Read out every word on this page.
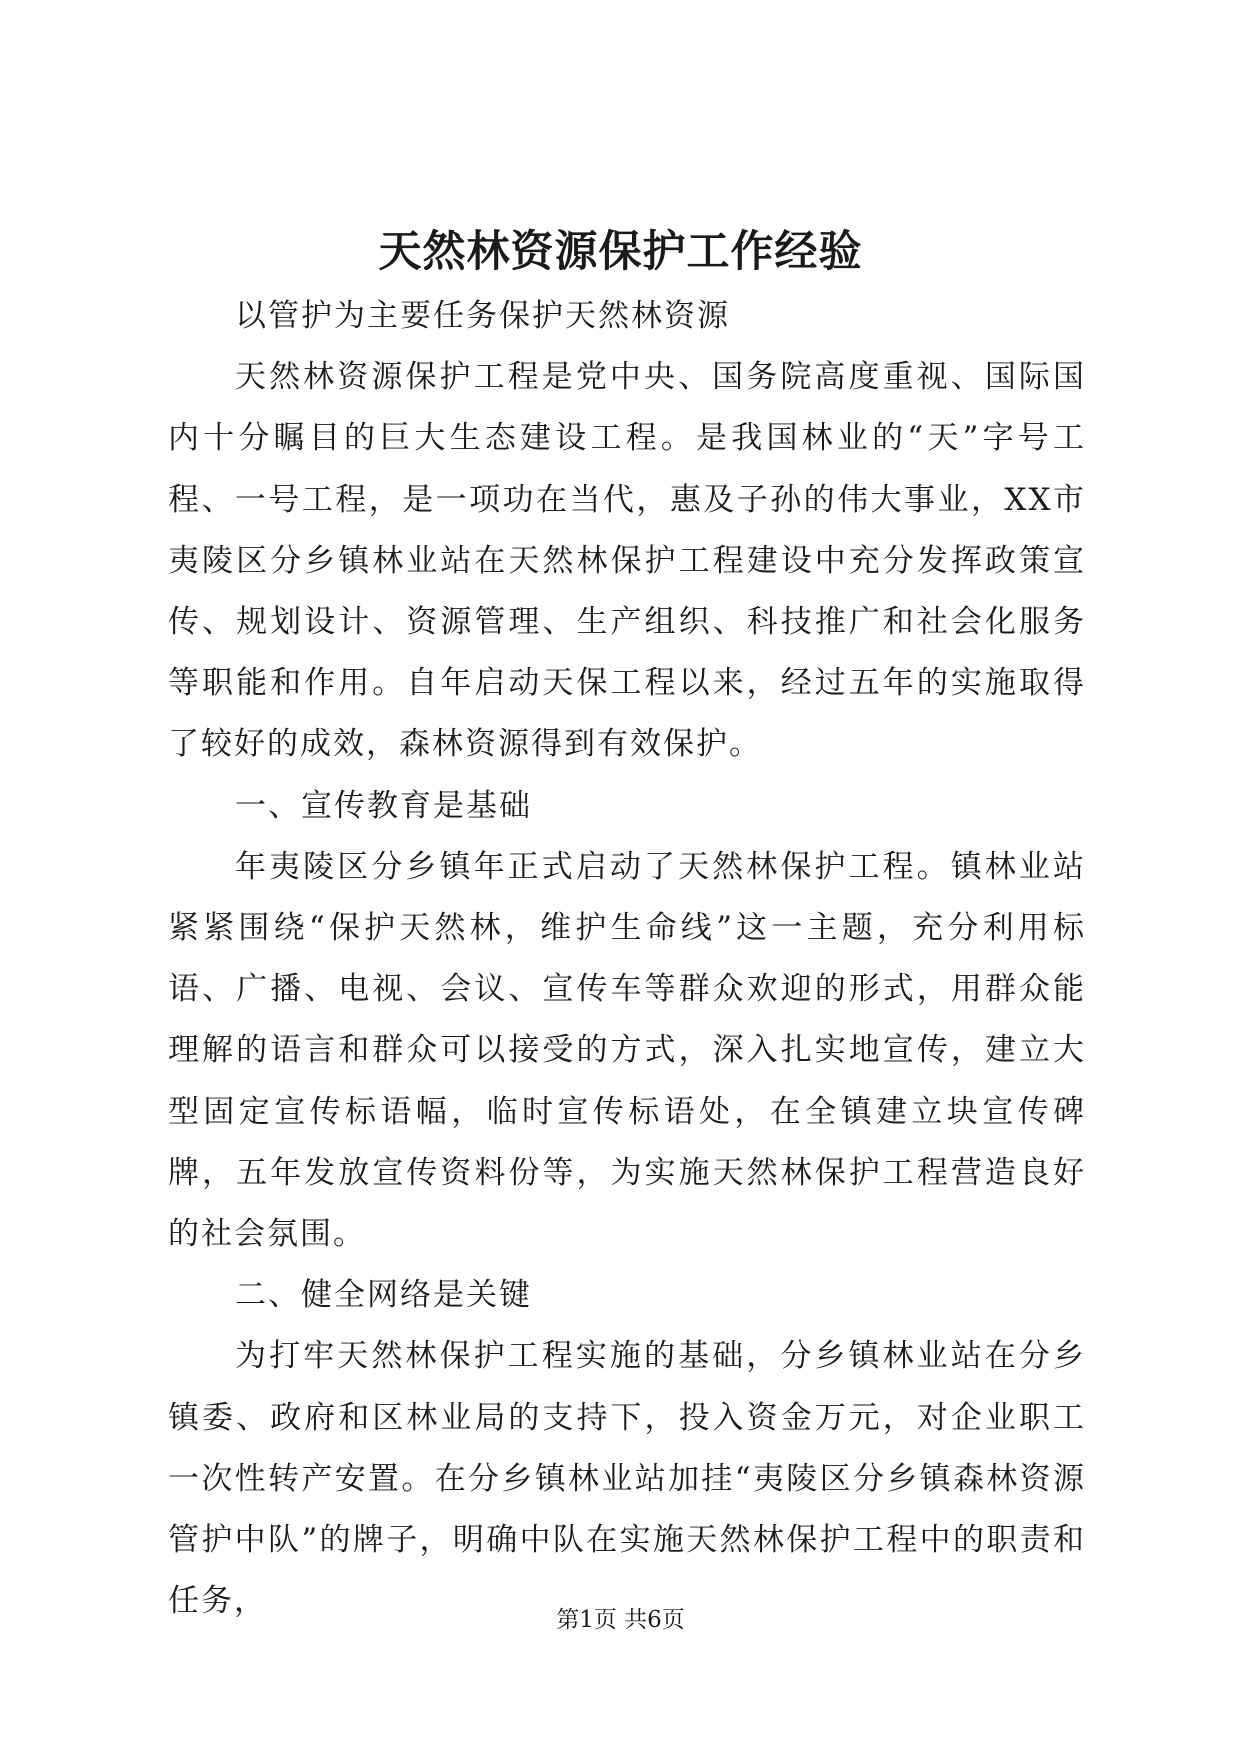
天然林资源保护工作经验

以管护为主要任务保护天然林资源

天然林资源保护工程是党中央、国务院高度重视、国际国内十分瞩目的巨大生态建设工程。是我国林业的“天”字号工程、一号工程，是一项功在当代，惠及子孙的伟大事业，XX市夷陵区分乡镇林业站在天然林保护工程建设中充分发挥政策宣传、规划设计、资源管理、生产组织、科技推广和社会化服务等职能和作用。自年启动天保工程以来，经过五年的实施取得了较好的成效，森林资源得到有效保护。

一、宣传教育是基础

年夷陵区分乡镇年正式启动了天然林保护工程。镇林业站紧紧围绕“保护天然林，维护生命线”这一主题，充分利用标语、广播、电视、会议、宣传车等群众欢迎的形式，用群众能理解的语言和群众可以接受的方式，深入扎实地宣传，建立大型固定宣传标语幅，临时宣传标语处，在全镇建立块宣传碑牌，五年发放宣传资料份等，为实施天然林保护工程营造良好的社会氛围。

二、健全网络是关键

为打牢天然林保护工程实施的基础，分乡镇林业站在分乡镇委、政府和区林业局的支持下，投入资金万元，对企业职工一次性转产安置。在分乡镇林业站加挂“夷陵区分乡镇森林资源管护中队”的牌子，明确中队在实施天然林保护工程中的职责和任务，

第1页 共6页
